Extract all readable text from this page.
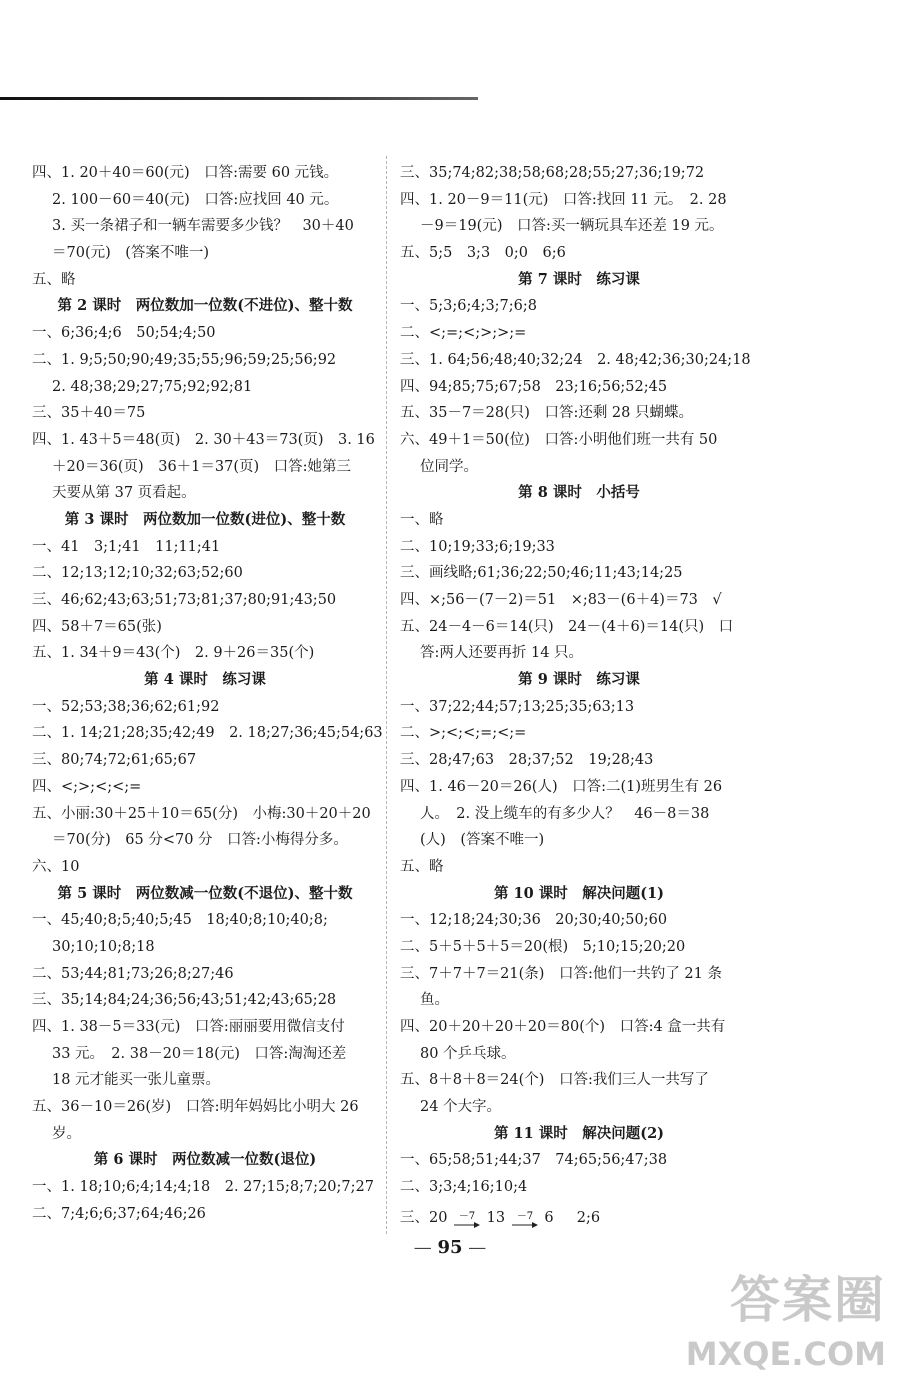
四、1. 20＋40＝60(元)　口答:需要 60 元钱。
2. 100－60＝40(元)　口答:应找回 40 元。
3. 买一条裙子和一辆车需要多少钱？　30＋40
＝70(元)　(答案不唯一)
五、略
第 2 课时　两位数加一位数(不进位)、整十数
一、6;36;4;6　50;54;4;50
二、1. 9;5;50;90;49;35;55;96;59;25;56;92
2. 48;38;29;27;75;92;92;81
三、35＋40＝75
四、1. 43＋5＝48(页)　2. 30＋43＝73(页)　3. 16
＋20＝36(页)　36＋1＝37(页)　口答:她第三
天要从第 37 页看起。
第 3 课时　两位数加一位数(进位)、整十数
一、41　3;1;41　11;11;41
二、12;13;12;10;32;63;52;60
三、46;62;43;63;51;73;81;37;80;91;43;50
四、58＋7＝65(张)
五、1. 34＋9＝43(个)　2. 9＋26＝35(个)
第 4 课时　练习课
一、52;53;38;36;62;61;92
二、1. 14;21;28;35;42;49　2. 18;27;36;45;54;63
三、80;74;72;61;65;67
四、<;>;<;<;=
五、小丽:30＋25＋10＝65(分)　小梅:30＋20＋20
＝70(分)　65 分<70 分　口答:小梅得分多。
六、10
第 5 课时　两位数减一位数(不退位)、整十数
一、45;40;8;5;40;5;45　18;40;8;10;40;8;
30;10;10;8;18
二、53;44;81;73;26;8;27;46
三、35;14;84;24;36;56;43;51;42;43;65;28
四、1. 38－5＝33(元)　口答:丽丽要用微信支付
33 元。　2. 38－20＝18(元)　口答:淘淘还差
18 元才能买一张儿童票。
五、36－10＝26(岁)　口答:明年妈妈比小明大 26
岁。
第 6 课时　两位数减一位数(退位)
一、1. 18;10;6;4;14;4;18　2. 27;15;8;7;20;7;27
二、7;4;6;6;37;64;46;26
三、35;74;82;38;58;68;28;55;27;36;19;72
四、1. 20－9＝11(元)　口答:找回 11 元。　2. 28
－9＝19(元)　口答:买一辆玩具车还差 19 元。
五、5;5　3;3　0;0　6;6
第 7 课时　练习课
一、5;3;6;4;3;7;6;8
二、<;=;<;>;>;=
三、1. 64;56;48;40;32;24　2. 48;42;36;30;24;18
四、94;85;75;67;58　23;16;56;52;45
五、35－7＝28(只)　口答:还剩 28 只蝴蝶。
六、49＋1＝50(位)　口答:小明他们班一共有 50
位同学。
第 8 课时　小括号
一、略
二、10;19;33;6;19;33
三、画线略;61;36;22;50;46;11;43;14;25
四、×;56－(7－2)＝51　×;83－(6＋4)＝73　√
五、24－4－6＝14(只)　24－(4＋6)＝14(只)　口
答:两人还要再折 14 只。
第 9 课时　练习课
一、37;22;44;57;13;25;35;63;13
二、>;<;<;=;<;=
三、28;47;63　28;37;52　19;28;43
四、1. 46－20＝26(人)　口答:二(1)班男生有 26
人。　2. 没上缆车的有多少人？　46－8＝38
(人)　(答案不唯一)
五、略
第 10 课时　解决问题(1)
一、12;18;24;30;36　20;30;40;50;60
二、5＋5＋5＋5＝20(根)　5;10;15;20;20
三、7＋7＋7＝21(条)　口答:他们一共钓了 21 条
鱼。
四、20＋20＋20＋20＝80(个)　口答:4 盒一共有
80 个乒乓球。
五、8＋8＋8＝24(个)　口答:我们三人一共写了
24 个大字。
第 11 课时　解决问题(2)
一、65;58;51;44;37　74;65;56;47;38
二、3;3;4;16;10;4
三、20 －7 13 －7 6 2;6
— 95 —
答案圈
MXQE.COM
